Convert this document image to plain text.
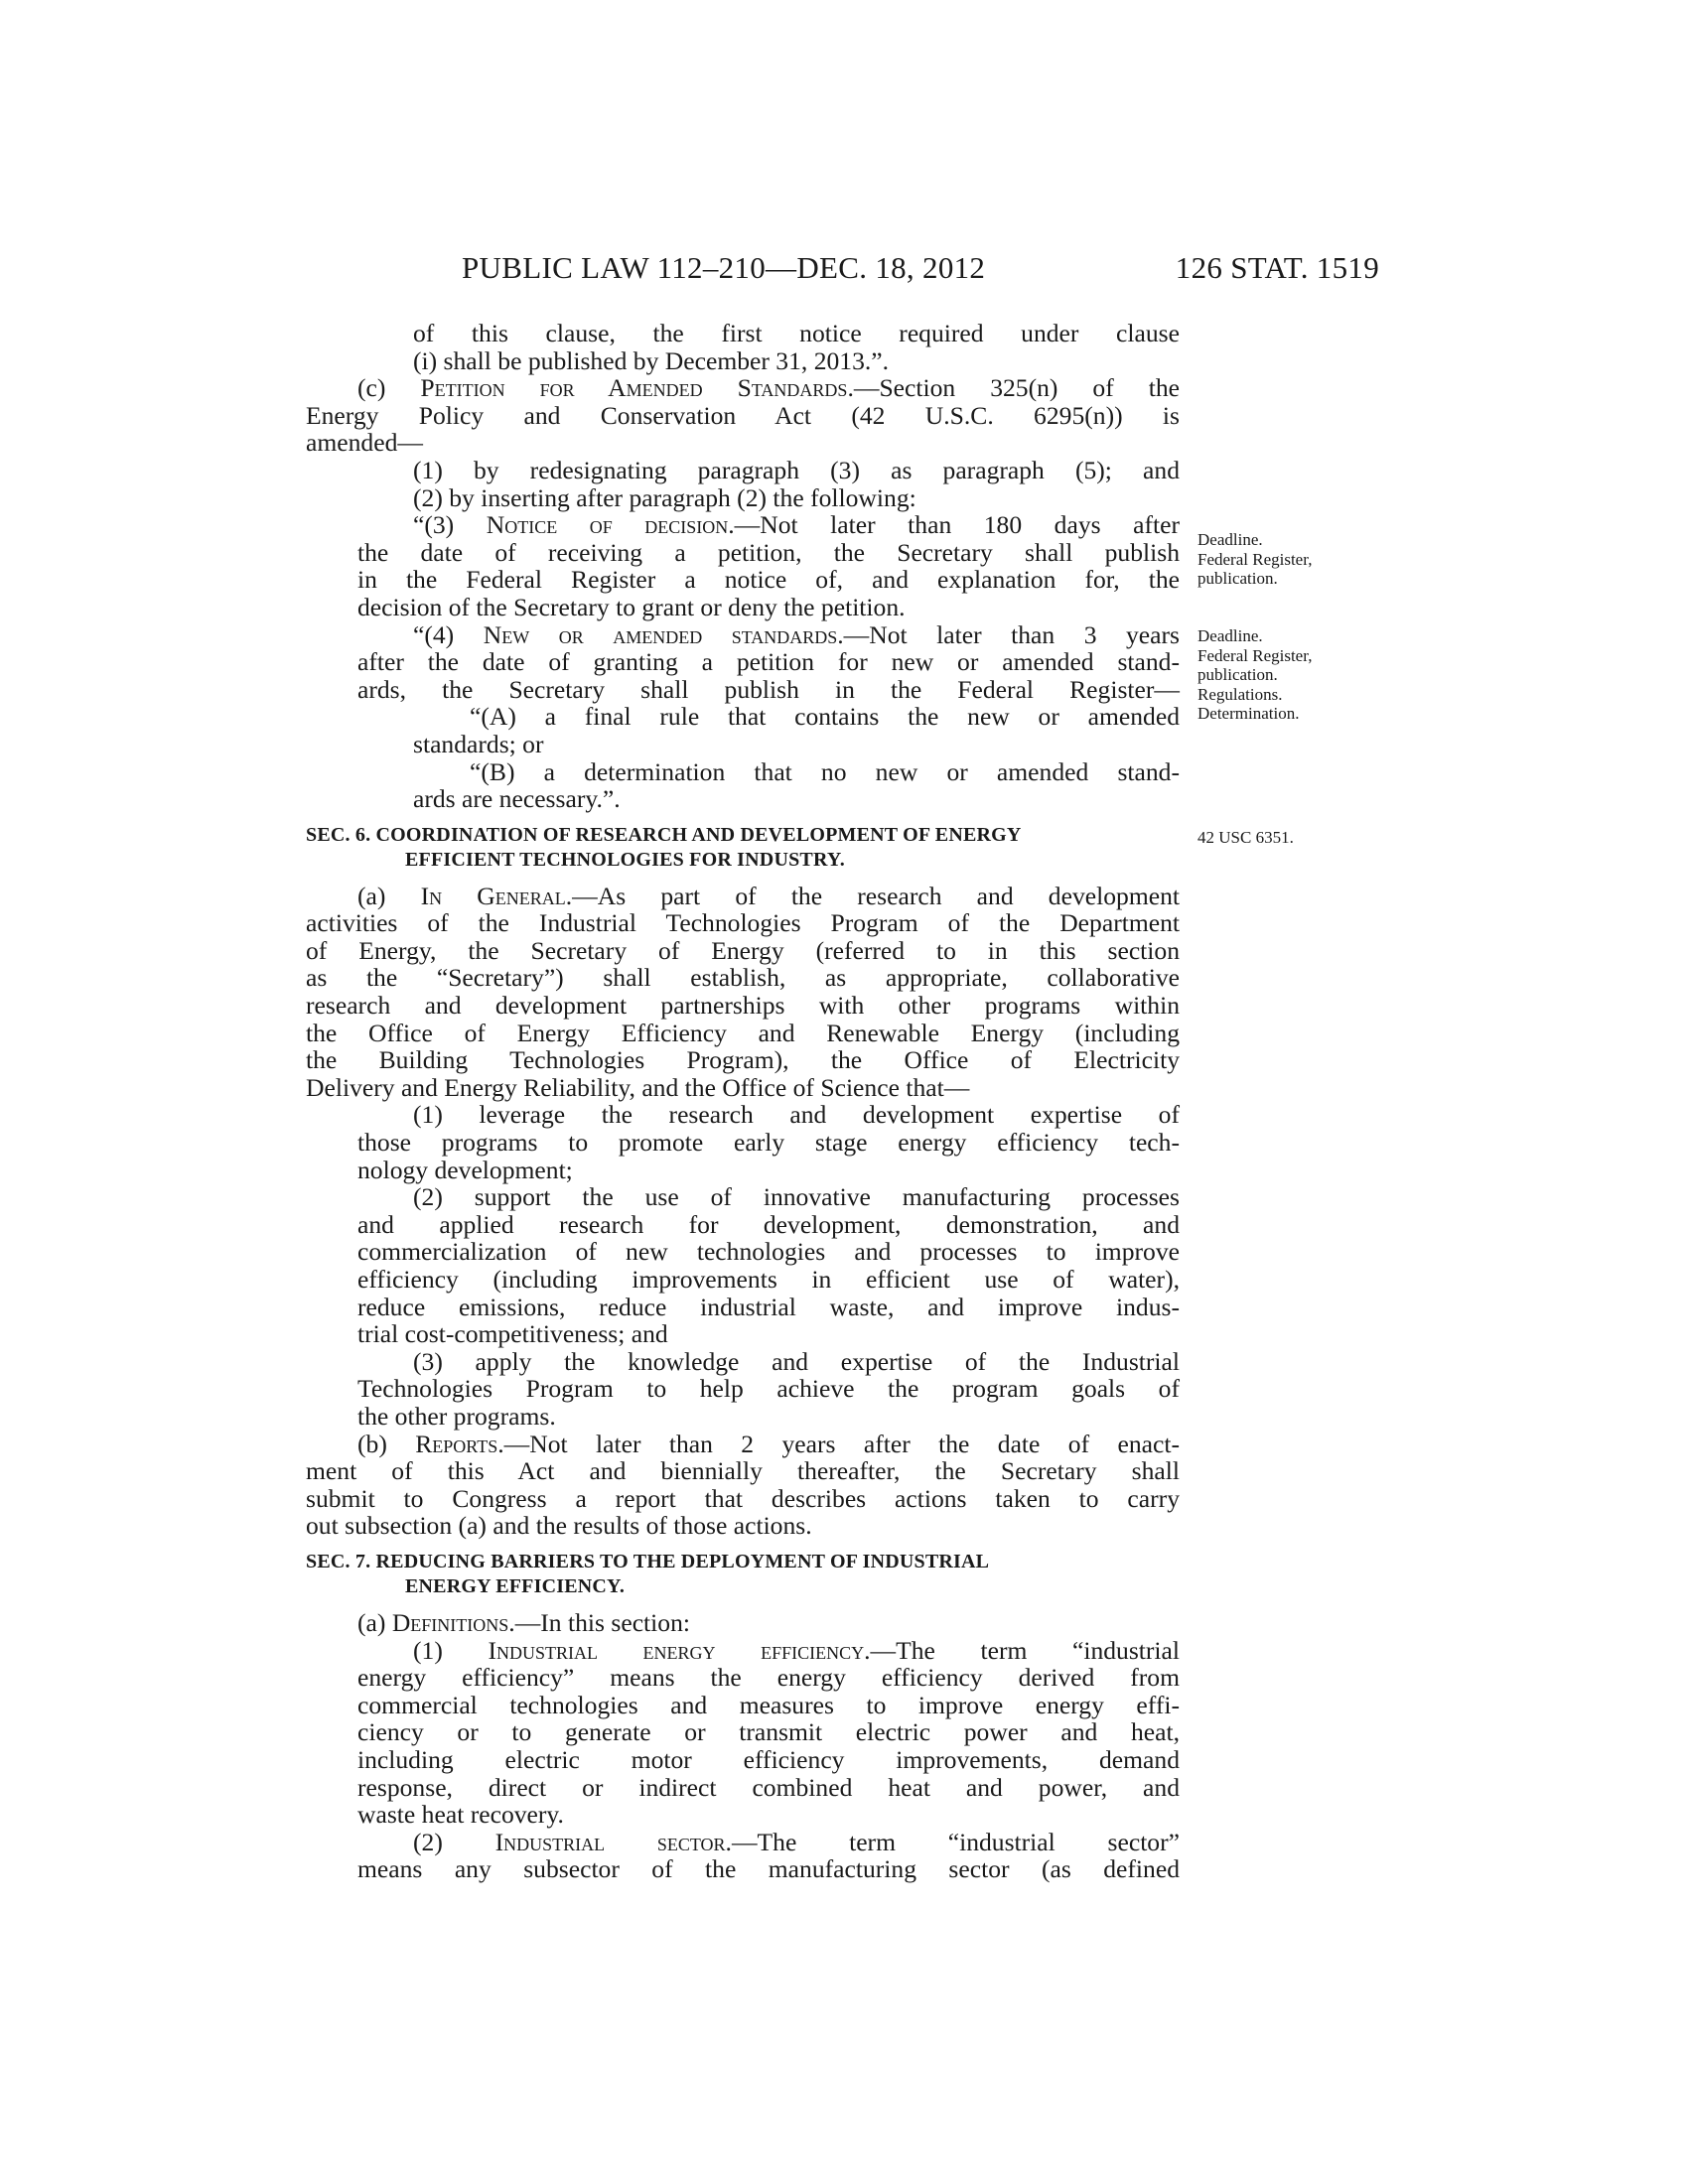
PUBLIC LAW 112–210—DEC. 18, 2012	126 STAT. 1519
of this clause, the first notice required under clause
(i) shall be published by December 31, 2013.”.
(c) Petition for Amended Standards.—Section 325(n) of the
Energy Policy and Conservation Act (42 U.S.C. 6295(n)) is
amended—
(1) by redesignating paragraph (3) as paragraph (5); and
(2) by inserting after paragraph (2) the following:
“(3) Notice of decision.—Not later than 180 days after
the date of receiving a petition, the Secretary shall publish
in the Federal Register a notice of, and explanation for, the
decision of the Secretary to grant or deny the petition.
“(4) New or amended standards.—Not later than 3 years
after the date of granting a petition for new or amended stand-
ards, the Secretary shall publish in the Federal Register—
“(A) a final rule that contains the new or amended
standards; or
“(B) a determination that no new or amended stand-
ards are necessary.”.
SEC. 6. COORDINATION OF RESEARCH AND DEVELOPMENT OF ENERGY
EFFICIENT TECHNOLOGIES FOR INDUSTRY.
(a) In General.—As part of the research and development
activities of the Industrial Technologies Program of the Department
of Energy, the Secretary of Energy (referred to in this section
as the “Secretary”) shall establish, as appropriate, collaborative
research and development partnerships with other programs within
the Office of Energy Efficiency and Renewable Energy (including
the Building Technologies Program), the Office of Electricity
Delivery and Energy Reliability, and the Office of Science that—
(1) leverage the research and development expertise of
those programs to promote early stage energy efficiency tech-
nology development;
(2) support the use of innovative manufacturing processes
and applied research for development, demonstration, and
commercialization of new technologies and processes to improve
efficiency (including improvements in efficient use of water),
reduce emissions, reduce industrial waste, and improve indus-
trial cost-competitiveness; and
(3) apply the knowledge and expertise of the Industrial
Technologies Program to help achieve the program goals of
the other programs.
(b) Reports.—Not later than 2 years after the date of enact-
ment of this Act and biennially thereafter, the Secretary shall
submit to Congress a report that describes actions taken to carry
out subsection (a) and the results of those actions.
SEC. 7. REDUCING BARRIERS TO THE DEPLOYMENT OF INDUSTRIAL
ENERGY EFFICIENCY.
(a) Definitions.—In this section:
(1) Industrial energy efficiency.—The term “industrial
energy efficiency” means the energy efficiency derived from
commercial technologies and measures to improve energy effi-
ciency or to generate or transmit electric power and heat,
including electric motor efficiency improvements, demand
response, direct or indirect combined heat and power, and
waste heat recovery.
(2) Industrial sector.—The term “industrial sector”
means any subsector of the manufacturing sector (as defined
Deadline.
Federal Register,
publication.
Deadline.
Federal Register,
publication.
Regulations.
Determination.
42 USC 6351.
